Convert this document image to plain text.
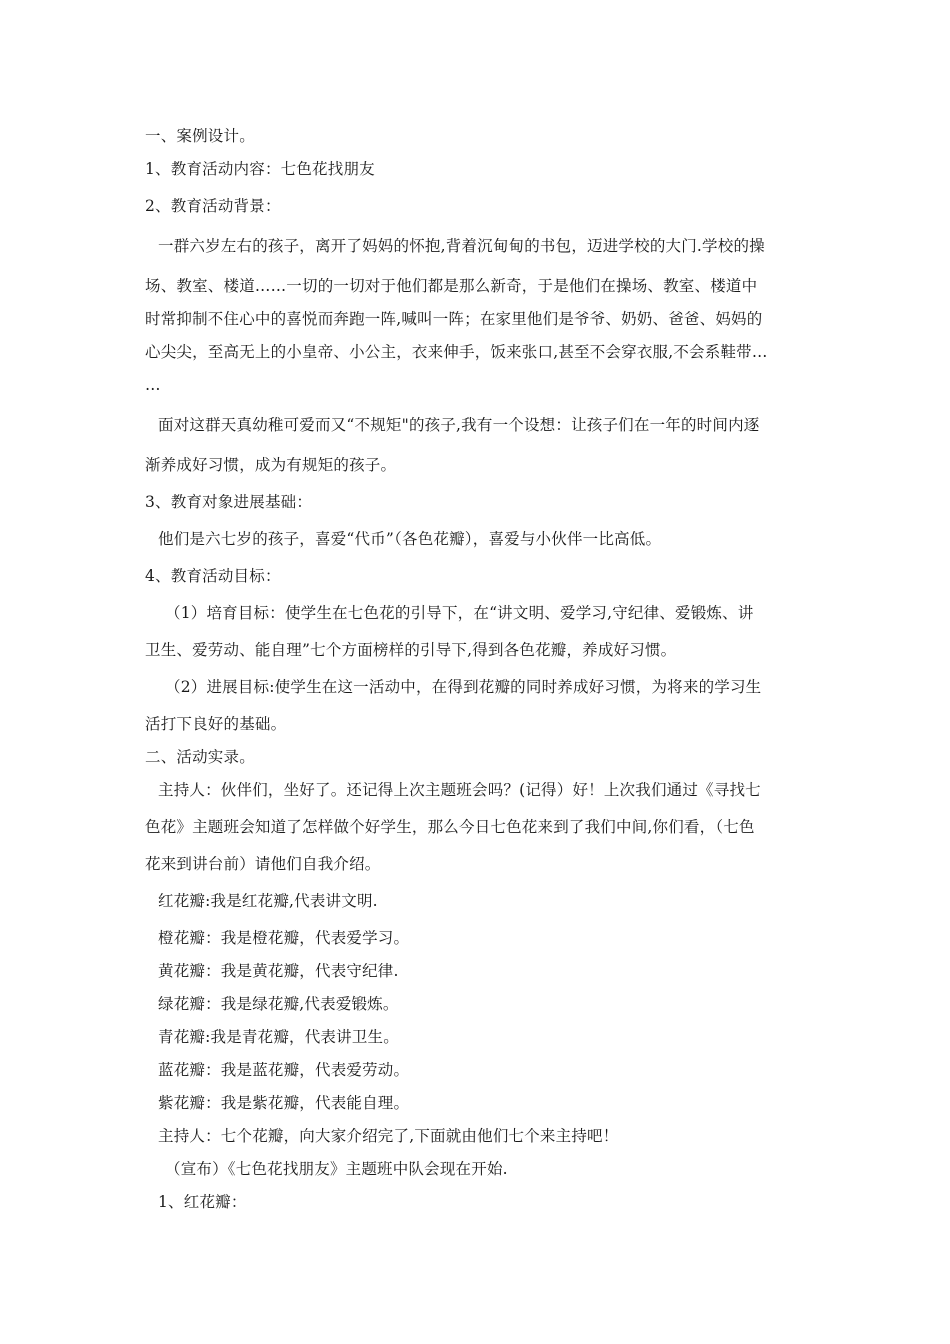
一、案例设计。
1、教育活动内容：七色花找朋友
2、教育活动背景：
一群六岁左右的孩子，离开了妈妈的怀抱,背着沉甸甸的书包，迈进学校的大门.学校的操
场、教室、楼道……一切的一切对于他们都是那么新奇，于是他们在操场、教室、楼道中
时常抑制不住心中的喜悦而奔跑一阵,喊叫一阵；在家里他们是爷爷、奶奶、爸爸、妈妈的
心尖尖，至高无上的小皇帝、小公主，衣来伸手，饭来张口,甚至不会穿衣服,不会系鞋带…
…
面对这群天真幼稚可爱而又“不规矩"的孩子,我有一个设想：让孩子们在一年的时间内逐
渐养成好习惯，成为有规矩的孩子。
3、教育对象进展基础：
他们是六七岁的孩子，喜爱“代币”（各色花瓣），喜爱与小伙伴一比高低。
4、教育活动目标：
（1）培育目标：使学生在七色花的引导下，在“讲文明、爱学习,守纪律、爱锻炼、讲
卫生、爱劳动、能自理”七个方面榜样的引导下,得到各色花瓣，养成好习惯。
（2）进展目标:使学生在这一活动中，在得到花瓣的同时养成好习惯，为将来的学习生
活打下良好的基础。
二、活动实录。
主持人：伙伴们，坐好了。还记得上次主题班会吗？(记得）好！上次我们通过《寻找七
色花》主题班会知道了怎样做个好学生，那么今日七色花来到了我们中间,你们看，（七色
花来到讲台前）请他们自我介绍。
红花瓣:我是红花瓣,代表讲文明.
橙花瓣：我是橙花瓣，代表爱学习。
黄花瓣：我是黄花瓣，代表守纪律.
绿花瓣：我是绿花瓣,代表爱锻炼。
青花瓣:我是青花瓣，代表讲卫生。
蓝花瓣：我是蓝花瓣，代表爱劳动。
紫花瓣：我是紫花瓣，代表能自理。
主持人：七个花瓣，向大家介绍完了,下面就由他们七个来主持吧！
（宣布）《七色花找朋友》主题班中队会现在开始.
1、红花瓣：
